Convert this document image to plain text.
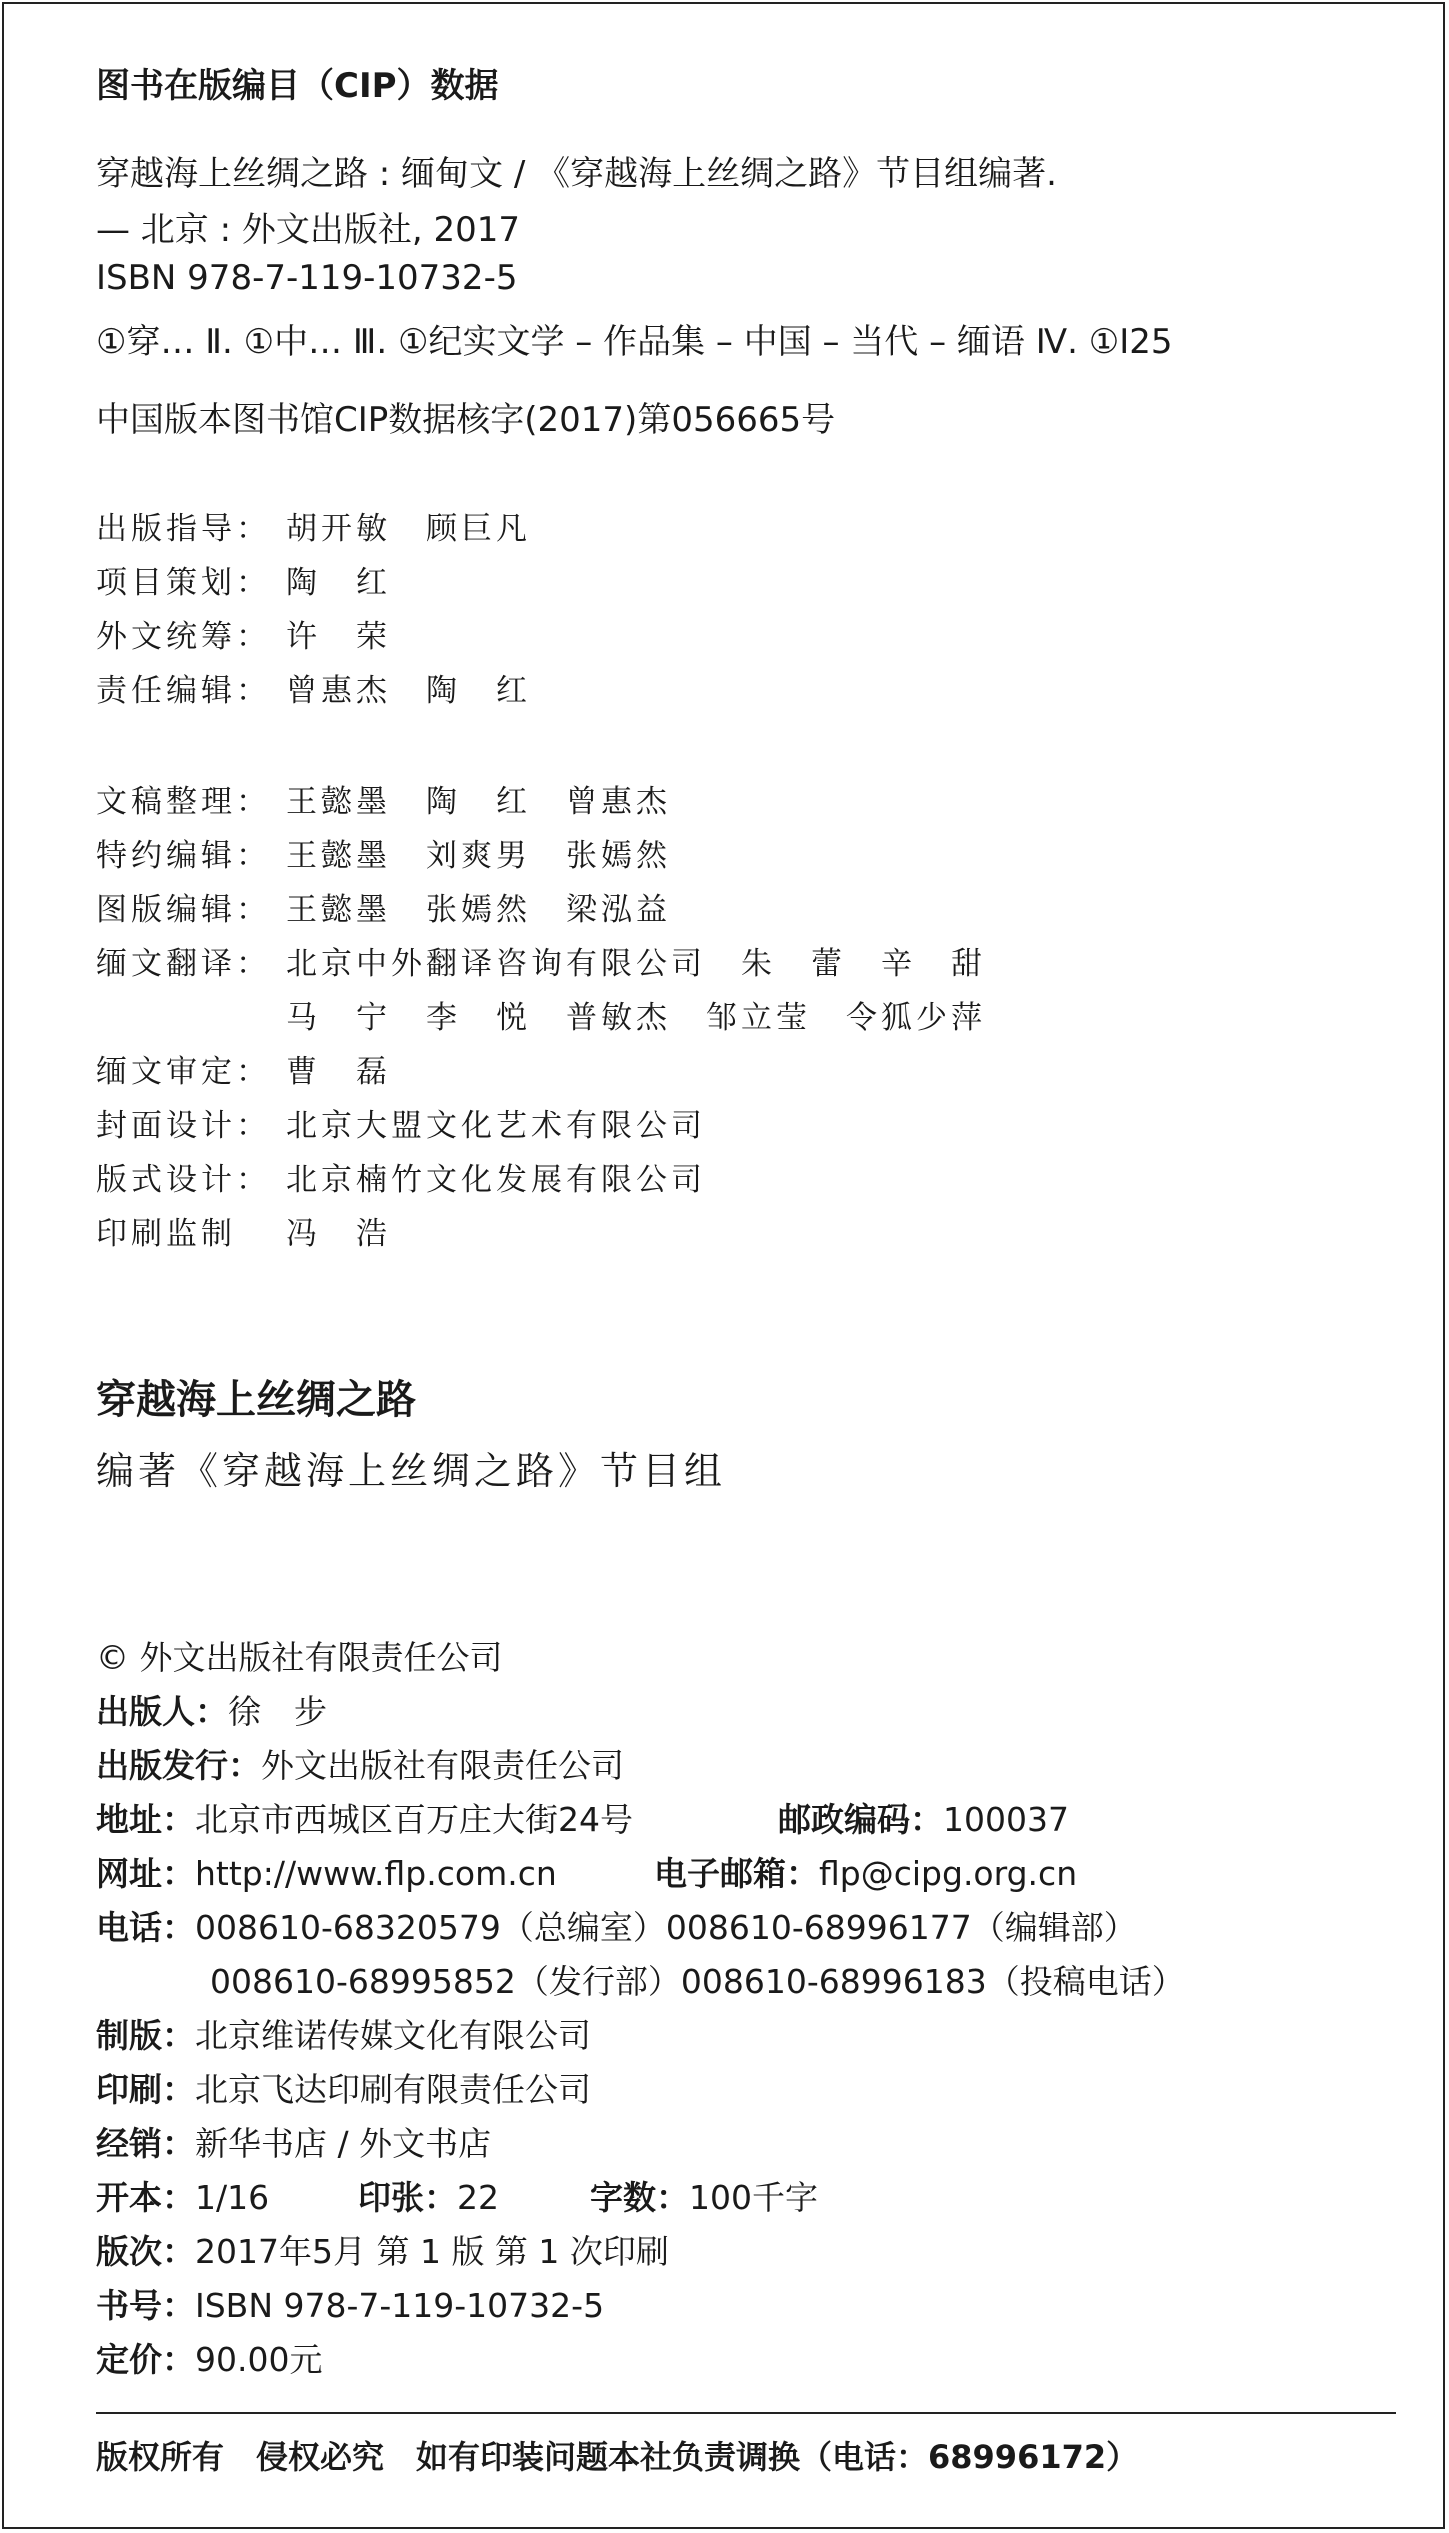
图书在版编目（CIP）数据
穿越海上丝绸之路 : 缅甸文 / 《穿越海上丝绸之路》节目组编著.
— 北京 : 外文出版社, 2017
ISBN 978-7-119-10732-5
①穿… Ⅱ. ①中… Ⅲ. ①纪实文学 – 作品集 – 中国 – 当代 – 缅语 Ⅳ. ①I25
中国版本图书馆CIP数据核字(2017)第056665号
出版指导： 胡开敏　顾巨凡
项目策划： 陶　红
外文统筹： 许　荣
责任编辑： 曾惠杰　陶　红
文稿整理： 王懿墨　陶　红　曾惠杰
特约编辑： 王懿墨　刘爽男　张嫣然
图版编辑： 王懿墨　张嫣然　梁泓益
缅文翻译： 北京中外翻译咨询有限公司　朱　蕾　辛　甜
马　宁　李　悦　普敏杰　邹立莹　令狐少萍
缅文审定： 曹　磊
封面设计： 北京大盟文化艺术有限公司
版式设计： 北京楠竹文化发展有限公司
印刷监制 冯　浩
穿越海上丝绸之路
编著《穿越海上丝绸之路》节目组
© 外文出版社有限责任公司
出版人：徐　步
出版发行：外文出版社有限责任公司
地址：北京市西城区百万庄大街24号	邮政编码：100037
网址：http://www.flp.com.cn	电子邮箱：flp@cipg.org.cn
电话：008610-68320579（总编室）008610-68996177（编辑部）
008610-68995852（发行部）008610-68996183（投稿电话）
制版：北京维诺传媒文化有限公司
印刷：北京飞达印刷有限责任公司
经销：新华书店 / 外文书店
开本：1/16	印张：22	字数：100千字
版次：2017年5月 第 1 版 第 1 次印刷
书号：ISBN 978-7-119-10732-5
定价：90.00元
版权所有　侵权必究　如有印装问题本社负责调换（电话：68996172）
